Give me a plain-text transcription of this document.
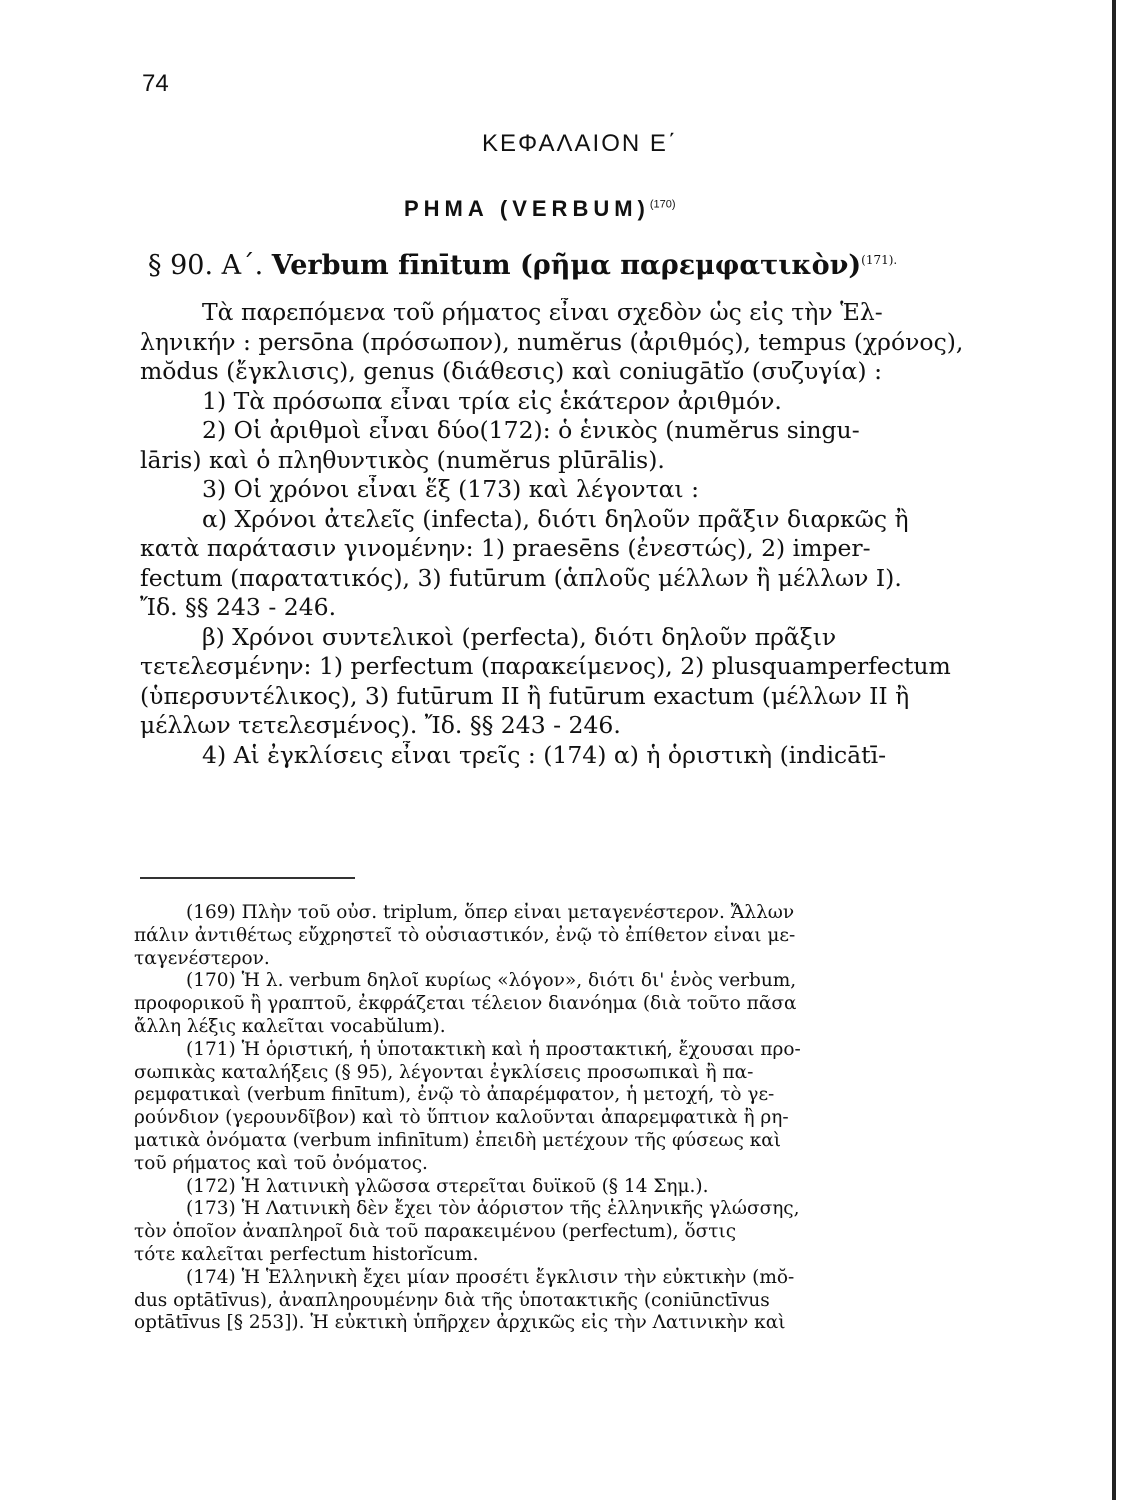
74
ΚΕΦΑΛΑΙΟΝ Ε΄
ΡΗΜΑ (VERBUM)$^{(170)}$
§ 90. Α΄. Verbum fīnītum (ρῆμα παρεμφατικὸν)$^{(171).}$
Τὰ παρεπόμενα τοῦ ρήματος εἶναι σχεδὸν ὡς εἰς τὴν Ἑλ-
ληνικήν : persōna (πρόσωπον), numĕrus (ἀριθμός), tempus (χρόνος),
mŏdus (ἔγκλισις), genus (διάθεσις) καὶ coniugātĭo (συζυγία) :
1) Τὰ πρόσωπα εἶναι τρία εἰς ἑκάτερον ἀριθμόν.
2) Οἱ ἀριθμοὶ εἶναι δύο(172): ὁ ἑνικὸς (numĕrus singu-
lāris) καὶ ὁ πληθυντικὸς (numĕrus plūrālis).
3) Οἱ χρόνοι εἶναι ἕξ (173) καὶ λέγονται :
α) Χρόνοι ἀτελεῖς (infecta), διότι δηλοῦν πρᾶξιν διαρκῶς ἢ
κατὰ παράτασιν γινομένην: 1) praesēns (ἐνεστώς), 2) imper-
fectum (παρατατικός), 3) futūrum (ἁπλοῦς μέλλων ἢ μέλλων Ι).
Ἴδ. §§ 243 - 246.
β) Χρόνοι συντελικοὶ (perfecta), διότι δηλοῦν πρᾶξιν
τετελεσμένην: 1) perfectum (παρακείμενος), 2) plusquamperfectum
(ὑπερσυντέλικος), 3) futūrum II ἢ futūrum exactum (μέλλων ΙΙ ἢ
μέλλων τετελεσμένος). Ἴδ. §§ 243 - 246.
4) Αἱ ἐγκλίσεις εἶναι τρεῖς : (174) α) ἡ ὁριστικὴ (indicātī-
(169) Πλὴν τοῦ οὐσ. triplum, ὅπερ εἶναι μεταγενέστερον. Ἄλλων
πάλιν ἀντιθέτως εὔχρηστεῖ τὸ οὐσιαστικόν, ἐνῷ τὸ ἐπίθετον εἶναι με-
ταγενέστερον.
(170) Ἡ λ. verbum δηλοῖ κυρίως «λόγον», διότι δι' ἑνὸς verbum,
προφορικοῦ ἢ γραπτοῦ, ἐκφράζεται τέλειον διανόημα (διὰ τοῦτο πᾶσα
ἄλλη λέξις καλεῖται vocabŭlum).
(171) Ἡ ὁριστική, ἡ ὑποτακτικὴ καὶ ἡ προστακτική, ἔχουσαι προ-
σωπικὰς καταλήξεις (§ 95), λέγονται ἐγκλίσεις προσωπικαὶ ἢ πα-
ρεμφατικαὶ (verbum finītum), ἐνῷ τὸ ἀπαρέμφατον, ἡ μετοχή, τὸ γε-
ρούνδιον (γερουνδῖβον) καὶ τὸ ὕπτιον καλοῦνται ἀπαρεμφατικὰ ἢ ρη-
ματικὰ ὀνόματα (verbum infinītum) ἐπειδὴ μετέχουν τῆς φύσεως καὶ
τοῦ ρήματος καὶ τοῦ ὀνόματος.
(172) Ἡ λατινικὴ γλῶσσα στερεῖται δυϊκοῦ (§ 14 Σημ.).
(173) Ἡ Λατινικὴ δὲν ἔχει τὸν ἀόριστον τῆς ἑλληνικῆς γλώσσης,
τὸν ὁποῖον ἀναπληροῖ διὰ τοῦ παρακειμένου (perfectum), ὅστις
τότε καλεῖται perfectum historĭcum.
(174) Ἡ Ἑλληνικὴ ἔχει μίαν προσέτι ἔγκλισιν τὴν εὐκτικὴν (mŏ-
dus optātīvus), ἀναπληρουμένην διὰ τῆς ὑποτακτικῆς (coniūnctīvus
optātīvus [§ 253]). Ἡ εὐκτικὴ ὑπῆρχεν ἀρχικῶς εἰς τὴν Λατινικὴν καὶ
